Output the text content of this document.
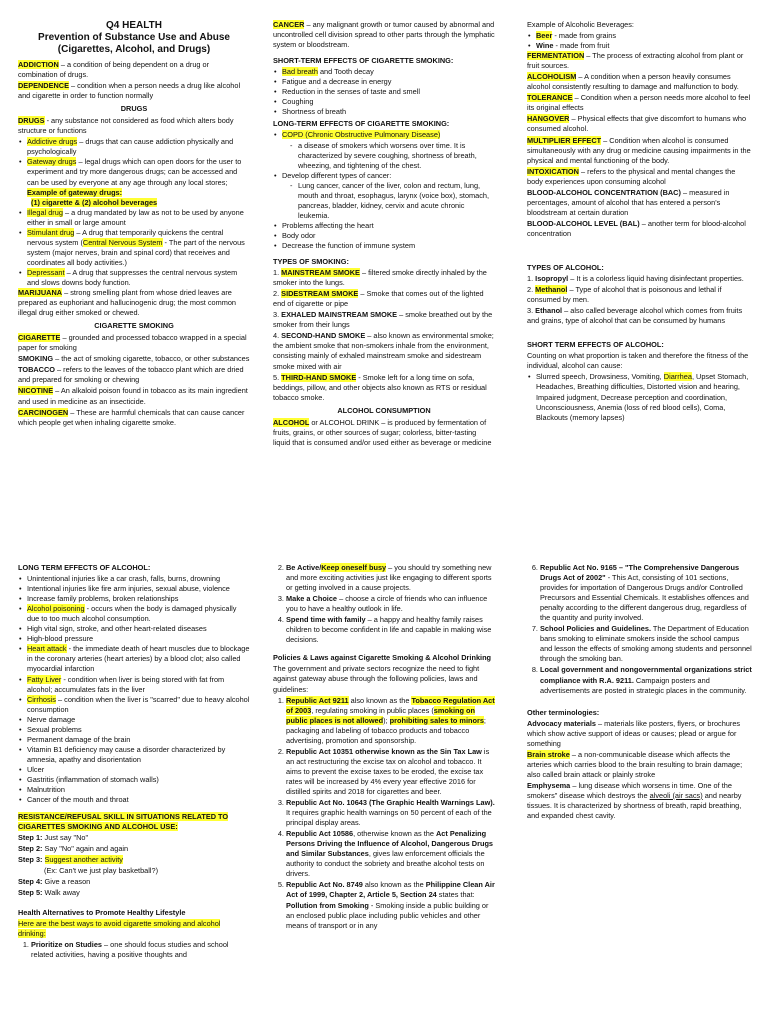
Q4 HEALTH

Prevention of Substance Use and Abuse

(Cigarettes, Alcohol, and Drugs)

ADDICTION – a condition of being dependent on a drug or combination of drugs.

DEPENDENCE – condition when a person needs a drug like alcohol and cigarette in order to function normally

DRUGS

DRUGS - any substance not considered as food which alters body structure or functions

• Addictive drugs – drugs that can cause addiction physically and psychologically
• Gateway drugs – legal drugs which can open doors for the user to experiment and try more dangerous drugs; can be accessed and can be used by everyone at any age through any local stores;
Example of gateway drugs:
(1) cigarette & (2) alcohol beverages
• Illegal drug – a drug mandated by law as not to be used by anyone either in small or large amount
• Stimulant drug – A drug that temporarily quickens the central nervous system (Central Nervous System - The part of the nervous system (major nerves, brain and spinal cord) that receives and coordinates all body activities.)
• Depressant – A drug that suppresses the central nervous system and slows downs body function.

MARIJUANA – strong smelling plant from whose dried leaves are prepared as euphoriant and hallucinogenic drug; the most common illegal drug either smoked or chewed.

CIGARETTE SMOKING

CIGARETTE – grounded and processed tobacco wrapped in a special paper for smoking

SMOKING – the act of smoking cigarette, tobacco, or other substances

TOBACCO – refers to the leaves of the tobacco plant which are dried and prepared for smoking or chewing

NICOTINE – An alkaloid poison found in tobacco as its main ingredient and used in medicine as an insecticide.

CARCINOGEN – These are harmful chemicals that can cause cancer which people get when inhaling cigarette smoke.

CANCER – any malignant growth or tumor caused by abnormal and uncontrolled cell division spread to other parts through the lymphatic system or bloodstream.

SHORT-TERM EFFECTS OF CIGARETTE SMOKING:

• Bad breath and Tooth decay
• Fatigue and a decrease in energy
• Reduction in the senses of taste and smell
• Coughing
• Shortness of breath

LONG-TERM EFFECTS OF CIGARETTE SMOKING:

• COPD (Chronic Obstructive Pulmonary Disease)
- a disease of smokers which worsens over time. It is characterized by severe coughing, shortness of breath, wheezing, and tightening of the chest.
• Develop different types of cancer:
- Lung cancer, cancer of the liver, colon and rectum, lung, mouth and throat, esophagus, larynx (voice box), stomach, pancreas, bladder, kidney, cervix and acute chronic leukemia.
• Problems affecting the heart
• Body odor
• Decrease the function of immune system

TYPES OF SMOKING:

1. MAINSTREAM SMOKE – filtered smoke directly inhaled by the smoker into the lungs.

2. SIDESTREAM SMOKE – Smoke that comes out of the lighted end of cigarette or pipe

3. EXHALED MAINSTREAM SMOKE – smoke breathed out by the smoker from their lungs

4. SECOND-HAND SMOKE – also known as environmental smoke; the ambient smoke that non-smokers inhale from the environment, consisting mainly of exhaled mainstream smoke and sidestream smoke mixed with air

5. THIRD-HAND SMOKE - Smoke left for a long time on sofa, beddings, pillow, and other objects also known as RTS or residual tobacco smoke.

ALCOHOL CONSUMPTION

ALCOHOL or ALCOHOL DRINK – is produced by fermentation of fruits, grains, or other sources of sugar; colorless, bitter-tasting liquid that is consumed and/or used either as beverage or medicine

Example of Alcoholic Beverages:

• Beer - made from grains
• Wine - made from fruit

FERMENTATION – The process of extracting alcohol from plant or fruit sources.

ALCOHOLISM – A condition when a person heavily consumes alcohol consistently resulting to damage and malfunction to body.

TOLERANCE – Condition when a person needs more alcohol to feel its original effects

HANGOVER – Physical effects that give discomfort to humans who consumed alcohol.

MULTIPLIER EFFECT – Condition when alcohol is consumed simultaneously with any drug or medicine causing impairments in the physical and mental functioning of the body.

INTOXICATION – refers to the physical and mental changes the body experiences upon consuming alcohol

BLOOD-ALCOHOL CONCENTRATION (BAC) – measured in percentages, amount of alcohol that has entered a person's bloodstream at certain duration

BLOOD-ALCOHOL LEVEL (BAL) – another term for blood-alcohol concentration

TYPES OF ALCOHOL:

1. Isopropyl – It is a colorless liquid having disinfectant properties.

2. Methanol – Type of alcohol that is poisonous and lethal if consumed by men.

3. Ethanol – also called beverage alcohol which comes from fruits and grains, type of alcohol that can be consumed by humans

SHORT TERM EFFECTS OF ALCOHOL:

Counting on what proportion is taken and therefore the fitness of the individual, alcohol can cause:

• Slurred speech, Drowsiness, Vomiting, Diarrhea, Upset Stomach, Headaches, Breathing difficulties, Distorted vision and hearing, Impaired judgment, Decrease perception and coordination, Unconsciousness, Anemia (loss of red blood cells), Coma, Blackouts (memory lapses)

LONG TERM EFFECTS OF ALCOHOL:

• Unintentional injuries like a car crash, falls, burns, drowning
• Intentional injuries like fire arm injuries, sexual abuse, violence
• Increase family problems, broken relationships
• Alcohol poisoning - occurs when the body is damaged physically due to too much alcohol consumption.
• High vital sign, stroke, and other heart-related diseases
• High-blood pressure
• Heart attack - the immediate death of heart muscles due to blockage in the coronary arteries (heart arteries) by a blood clot; also called myocardial infarction
• Fatty Liver - condition when liver is being stored with fat from alcohol; accumulates fats in the liver
• Cirrhosis – condition when the liver is "scarred" due to heavy alcohol consumption
• Nerve damage
• Sexual problems
• Permanent damage of the brain
• Vitamin B1 deficiency may cause a disorder characterized by amnesia, apathy and disorientation
• Ulcer
• Gastritis (inflammation of stomach walls)
• Malnutrition
• Cancer of the mouth and throat

RESISTANCE/REFUSAL SKILL IN SITUATIONS RELATED TO CIGARETTES SMOKING AND ALCOHOL USE:

Step 1: Just say "No"

Step 2: Say "No" again and again

Step 3: Suggest another activity

(Ex: Can't we just play basketball?)

Step 4: Give a reason

Step 5: Walk away

Health Alternatives to Promote Healthy Lifestyle

Here are the best ways to avoid cigarette smoking and alcohol drinking:

1. Prioritize on Studies – one should focus studies and school related activities, having a positive thoughts and
2. Be Active/Keep oneself busy – you should try something new and more exciting activities just like engaging to different sports or getting involved in a cause projects.
3. Make a Choice – choose a circle of friends who can influence you to have a healthy outlook in life.
4. Spend time with family – a happy and healthy family raises children to become confident in life and capable in making wise decisions.

Policies & Laws against Cigarette Smoking & Alcohol Drinking

The government and private sectors recognize the need to fight against gateway abuse through the following policies, laws and guidelines:

1. Republic Act 9211 also known as the Tobacco Regulation Act of 2003, regulating smoking in public places (smoking on public places is not allowed); prohibiting sales to minors; packaging and labeling of tobacco products and tobacco advertising, promotion and sponsorship.
2. Republic Act 10351 otherwise known as the Sin Tax Law is an act restructuring the excise tax on alcohol and tobacco. It aims to prevent the excise taxes to be eroded, the excise tax rates will be increased by 4% every year effective 2016 for distilled spirits and 2018 for cigarettes and beer.
3. Republic Act No. 10643 (The Graphic Health Warnings Law). It requires graphic health warnings on 50 percent of each of the principal display areas.
4. Republic Act 10586, otherwise known as the Act Penalizing Persons Driving the Influence of Alcohol, Dangerous Drugs and Similar Substances, gives law enforcement officials the authority to conduct the sobriety and breathe alcohol tests on drivers.
5. Republic Act No. 8749 also known as the Philippine Clean Air Act of 1999, Chapter 2, Article 5, Section 24 states that:
Pollution from Smoking - Smoking inside a public building or an enclosed public place including public vehicles and other means of transport or in any
6. Republic Act No. 9165 – "The Comprehensive Dangerous Drugs Act of 2002" - This Act, consisting of 101 sections, provides for importation of Dangerous Drugs and/or Controlled Precursors and Essential Chemicals. It establishes offences and penalty according to the different dangerous drug, regardless of the quantity and purity involved.
7. School Policies and Guidelines. The Department of Education bans smoking to eliminate smokers inside the school campus and lesson the effects of smoking among students and personnel through the smoking ban.
8. Local government and nongovernmental organizations strict compliance with R.A. 9211. Campaign posters and advertisements are posted in strategic places in the community.

Other terminologies:

Advocacy materials – materials like posters, flyers, or brochures which show active support of ideas or causes; plead or argue for something

Brain stroke – a non-communicable disease which affects the arteries which carries blood to the brain resulting to brain damage; also called brain attack or plainly stroke

Emphysema – lung disease which worsens in time. One of the smokers" disease which destroys the alveoli (air sacs) and nearby tissues. It is characterized by shortness of breath, rapid breathing, and expanded chest cavity.
